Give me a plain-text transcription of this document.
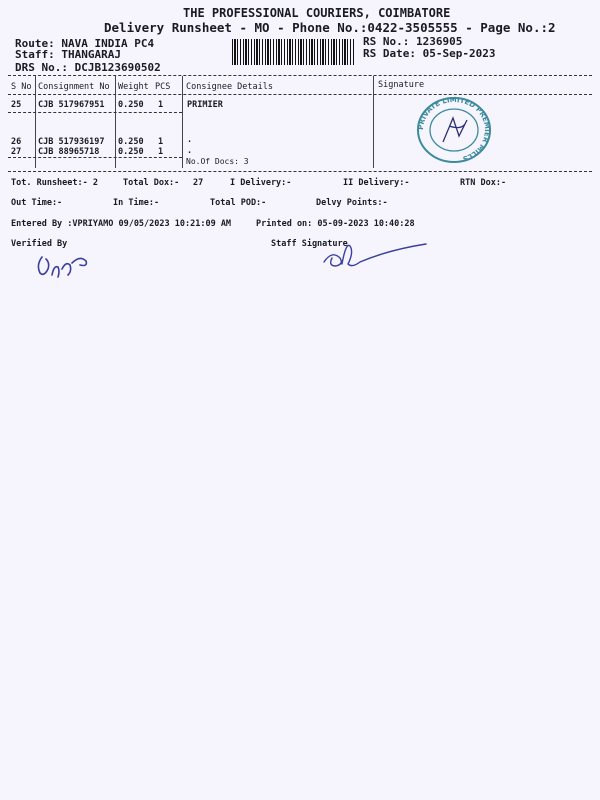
THE PROFESSIONAL COURIERS, COIMBATORE
Delivery Runsheet - MO - Phone No.:0422-3505555 - Page No.:2
Route: NAVA INDIA PC4
Staff: THANGARAJ
DRS No.: DCJB123690502
RS No.: 1236905
RS Date: 05-Sep-2023
S No Consignment No Weight PCS Consignee Details	Signature
25 CJB 517967951 0.250 1	PRIMIER
26 CJB 517936197 0.250 1	.
27 CJB 88965718 0.250 1	.
No.Of Docs: 3
PRIVATE LIMITED PREMIER MILLS
Tot. Runsheet:- 2	Total Dox:- 27	I Delivery:-	II Delivery:-	RTN Dox:-
Out Time:-	In Time:-	Total POD:-	Delvy Points:-
Entered By :VPRIYAMO 09/05/2023 10:21:09 AM	Printed on: 05-09-2023 10:40:28
Verified By	Staff Signature
